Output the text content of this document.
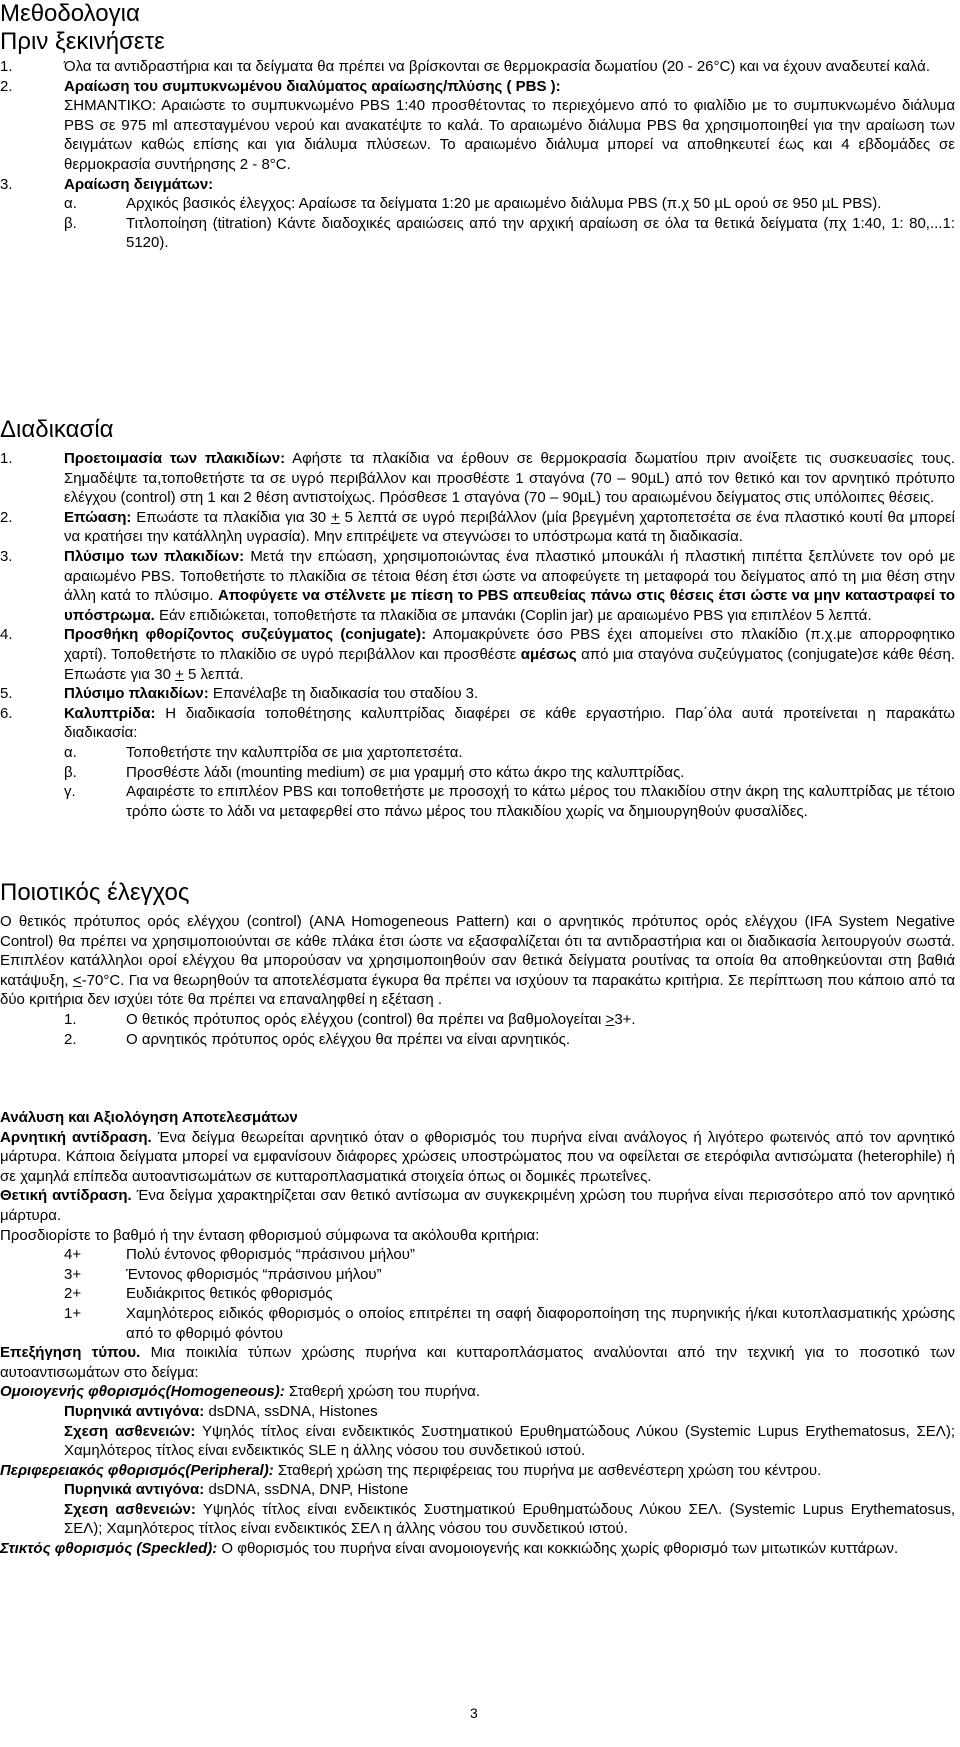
Μεθοδολογια
Πριν ξεκινήσετε
1.	Όλα τα αντιδραστήρια και τα δείγματα θα πρέπει να βρίσκονται σε θερμοκρασία δωματίου (20 - 26°C) και να έχουν αναδευτεί καλά.

2.	Αραίωση του συμπυκνωμένου διαλύματος αραίωσης/πλύσης ( PBS ):
ΣΗΜΑΝΤΙΚΟ: Αραιώστε το συμπυκνωμένο PBS 1:40 προσθέτοντας το περιεχόμενο από το φιαλίδιο με το συμπυκνωμένο διάλυμα PBS σε 975 ml απεσταγμένου νερού και ανακατέψτε το καλά. Το αραιωμένο διάλυμα PBS θα χρησιμοποιηθεί για την αραίωση των δειγμάτων καθώς επίσης και για διάλυμα πλύσεων. Το αραιωμένο διάλυμα μπορεί να αποθηκευτεί έως και 4 εβδομάδες σε θερμοκρασία συντήρησης 2 - 8°C.

3.	Αραίωση δειγμάτων:

α.	Αρχικός βασικός έλεγχος: Αραίωσε τα δείγματα 1:20 με αραιωμένο διάλυμα PBS (π.χ 50 µL ορού σε 950 µL PBS).
β.	Τιτλοποίηση (titration) Κάντε διαδοχικές αραιώσεις από την αρχική αραίωση σε όλα τα θετικά δείγματα (πχ 1:40, 1: 80,...1: 5120).
Διαδικασία
1.	Προετοιμασία των πλακιδίων: Αφήστε τα πλακίδια να έρθουν σε θερμοκρασία δωματίου πριν ανοίξετε τις συσκευασίες τους. Σημαδέψτε τα,τοποθετήστε τα σε υγρό περιβάλλον και προσθέστε 1 σταγόνα (70 – 90µL) από τον θετικό και τον αρνητικό πρότυπο ελέγχου (control) στη 1 και 2 θέση αντιστοίχως. Πρόσθεσε 1 σταγόνα (70 – 90µL) του αραιωμένου δείγματος στις υπόλοιπες θέσεις.

2.	Επώαση: Επωάστε τα πλακίδια για 30 + 5 λεπτά σε υγρό περιβάλλον (μία βρεγμένη χαρτοπετσέτα σε ένα πλαστικό κουτί θα μπορεί να κρατήσει την κατάλληλη υγρασία). Μην επιτρέψετε να στεγνώσει το υπόστρωμα κατά τη διαδικασία.

3.	Πλύσιμο των πλακιδίων: Μετά την επώαση, χρησιμοποιώντας ένα πλαστικό μπουκάλι ή πλαστική πιπέττα ξεπλύνετε τον ορό με αραιωμένο PBS. Τοποθετήστε το πλακίδια σε τέτοια θέση έτσι ώστε να αποφεύγετε τη μεταφορά του δείγματος από τη μια θέση στην άλλη κατά το πλύσιμο. Αποφύγετε να στέλνετε με πίεση το PBS απευθείας πάνω στις θέσεις έτσι ώστε να μην καταστραφεί το υπόστρωμα. Εάν επιδιώκεται, τοποθετήστε τα πλακίδια σε μπανάκι (Coplin jar) με αραιωμένο PBS για επιπλέον 5 λεπτά.

4.	Προσθήκη φθορίζοντος συζεύγματος (conjugate): Απομακρύνετε όσο PBS έχει απομείνει στο πλακίδιο (π.χ.με απορροφητικο χαρτί). Τοποθετήστε το πλακίδιο σε υγρό περιβάλλον και προσθέστε αμέσως από μια σταγόνα συζεύγματος (conjugate)σε κάθε θέση. Επωάστε για 30 + 5 λεπτά.

5.	Πλύσιμο πλακιδίων: Επανέλαβε τη διαδικασία του σταδίου 3.

6.	Καλυπτρίδα: Η διαδικασία τοποθέτησης καλυπτρίδας διαφέρει σε κάθε εργαστήριο. Παρ΄όλα αυτά προτείνεται η παρακάτω διαδικασία:

α.	Τοποθετήστε την καλυπτρίδα σε μια χαρτοπετσέτα.
β.	Προσθέστε λάδι (mounting medium) σε μια γραμμή στο κάτω άκρο της καλυπτρίδας.
γ.	Αφαιρέστε το επιπλέον PBS και τοποθετήστε με προσοχή το κάτω μέρος του πλακιδίου στην άκρη της καλυπτρίδας με τέτοιο τρόπο ώστε το λάδι να μεταφερθεί στο πάνω μέρος του πλακιδίου χωρίς να δημιουργηθούν φυσαλίδες.
Ποιοτικός έλεγχος

Ο θετικός πρότυπος ορός ελέγχου (control) (ANA Homogeneous Pattern) και ο αρνητικός πρότυπος ορός ελέγχου (IFA System Negative Control) θα πρέπει να χρησιμοποιούνται σε κάθε πλάκα έτσι ώστε να εξασφαλίζεται ότι τα αντιδραστήρια και οι διαδικασία λειτουργούν σωστά. Επιπλέον κατάλληλοι οροί ελέγχου θα μπορούσαν να χρησιμοποιηθούν σαν θετικά δείγματα ρουτίνας τα οποία θα αποθηκεύονται στη βαθιά κατάψυξη, <-70°C. Για να θεωρηθούν τα αποτελέσματα έγκυρα θα πρέπει να ισχύουν τα παρακάτω κριτήρια. Σε περίπτωση που κάποιο από τα δύο κριτήρια δεν ισχύει τότε θα πρέπει να επαναληφθεί η εξέταση .

1.	Ο θετικός πρότυπος ορός ελέγχου (control) θα πρέπει να βαθμολογείται ≥3+.
2.	Ο αρνητικός πρότυπος ορός ελέγχου θα πρέπει να είναι αρνητικός.

Ανάλυση και Αξιολόγηση Αποτελεσμάτων

Αρνητική αντίδραση. Ένα δείγμα θεωρείται αρνητικό όταν ο φθορισμός του πυρήνα είναι ανάλογος ή λιγότερο φωτεινός από τον αρνητικό μάρτυρα. Κάποια δείγματα μπορεί να εμφανίσουν διάφορες χρώσεις υποστρώματος που να οφείλεται σε ετερόφιλα αντισώματα (heterophile) ή σε χαμηλά επίπεδα αυτοαντισωμάτων σε κυτταροπλασματικά στοιχεία όπως οι δομικές πρωτεΐνες.

Θετική αντίδραση. Ένα δείγμα χαρακτηρίζεται σαν θετικό αντίσωμα αν συγκεκριμένη χρώση του πυρήνα είναι περισσότερο από τον αρνητικό μάρτυρα.

Προσδιορίστε το βαθμό ή την ένταση φθορισμού σύμφωνα τα ακόλουθα κριτήρια:

4+	Πολύ έντονος φθορισμός “πράσινου μήλου”
3+	Έντονος φθορισμός “πράσινου μήλου”
2+	Ευδιάκριτος θετικός φθορισμός
1+	Χαμηλότερος ειδικός φθορισμός ο οποίος επιτρέπει τη σαφή διαφοροποίηση της πυρηνικής ή/και κυτοπλασματικής χρώσης από το φθοριμό φόντου

Επεξήγηση τύπου. Μια ποικιλία τύπων χρώσης πυρήνα και κυτταροπλάσματος αναλύονται από την τεχνική για το ποσοτικό των αυτοαντισωμάτων στο δείγμα:

Ομοιογενής φθορισμός(Homogeneous): Σταθερή χρώση του πυρήνα.

Πυρηνικά αντιγόνα: dsDNA, ssDNA, Histones

Σχεση ασθενειών: Υψηλός τίτλος είναι ενδεικτικός Συστηματικού Ερυθηματώδους Λύκου (Systemic Lupus Erythematosus, ΣΕΛ); Χαμηλότερος τίτλος είναι ενδεικτικός SLE η άλλης νόσου του συνδετικού ιστού.

Περιφερειακός φθορισμός(Peripheral): Σταθερή χρώση της περιφέρειας του πυρήνα με ασθενέστερη χρώση του κέντρου.

Πυρηνικά αντιγόνα: dsDNA, ssDNA, DNP, Histone

Σχεση ασθενειών: Υψηλός τίτλος είναι ενδεικτικός Συστηματικού Ερυθηματώδους Λύκου ΣΕΛ. (Systemic Lupus Erythematosus, ΣΕΛ); Χαμηλότερος τίτλος είναι ενδεικτικός ΣΕΛ η άλλης νόσου του συνδετικού ιστού.

Στικτός φθορισμός (Speckled): Ο φθορισμός του πυρήνα είναι ανομοιογενής και κοκκιώδης χωρίς φθορισμό των μιτωτικών κυττάρων.

3
